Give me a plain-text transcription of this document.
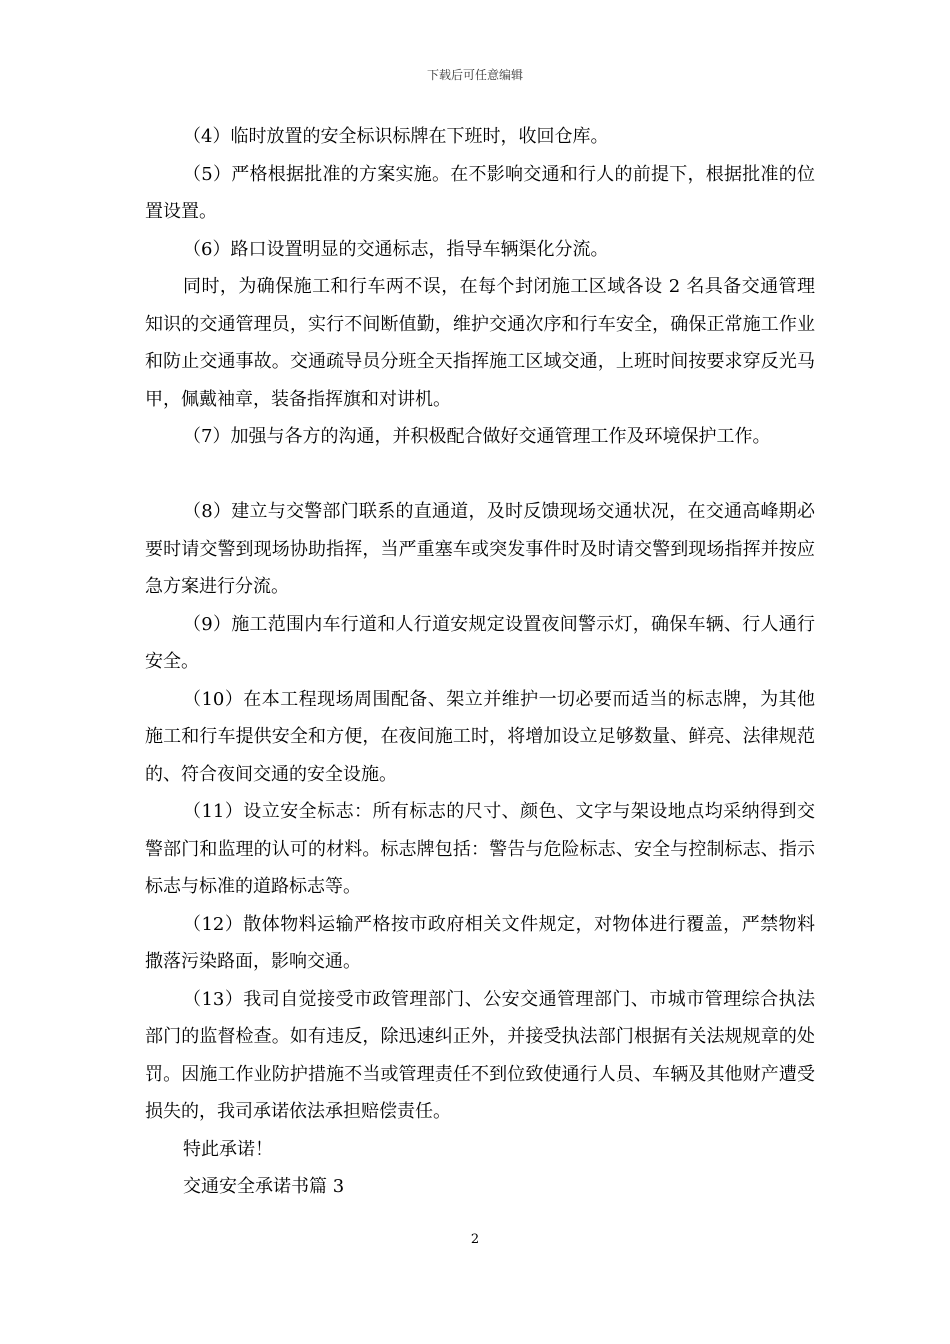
下载后可任意编辑

（4）临时放置的安全标识标牌在下班时，收回仓库。

（5）严格根据批准的方案实施。在不影响交通和行人的前提下，根据批准的位置设置。

（6）路口设置明显的交通标志，指导车辆渠化分流。

同时，为确保施工和行车两不误，在每个封闭施工区域各设 2 名具备交通管理知识的交通管理员，实行不间断值勤，维护交通次序和行车安全，确保正常施工作业和防止交通事故。交通疏导员分班全天指挥施工区域交通，上班时间按要求穿反光马甲，佩戴袖章，装备指挥旗和对讲机。

（7）加强与各方的沟通，并积极配合做好交通管理工作及环境保护工作。

（8）建立与交警部门联系的直通道，及时反馈现场交通状况，在交通高峰期必要时请交警到现场协助指挥，当严重塞车或突发事件时及时请交警到现场指挥并按应急方案进行分流。

（9）施工范围内车行道和人行道安规定设置夜间警示灯，确保车辆、行人通行安全。

（10）在本工程现场周围配备、架立并维护一切必要而适当的标志牌，为其他施工和行车提供安全和方便，在夜间施工时，将增加设立足够数量、鲜亮、法律规范的、符合夜间交通的安全设施。

（11）设立安全标志：所有标志的尺寸、颜色、文字与架设地点均采纳得到交警部门和监理的认可的材料。标志牌包括：警告与危险标志、安全与控制标志、指示标志与标准的道路标志等。

（12）散体物料运输严格按市政府相关文件规定，对物体进行覆盖，严禁物料撒落污染路面，影响交通。

（13）我司自觉接受市政管理部门、公安交通管理部门、市城市管理综合执法部门的监督检查。如有违反，除迅速纠正外，并接受执法部门根据有关法规规章的处罚。因施工作业防护措施不当或管理责任不到位致使通行人员、车辆及其他财产遭受损失的，我司承诺依法承担赔偿责任。

特此承诺！

交通安全承诺书篇 3

2
